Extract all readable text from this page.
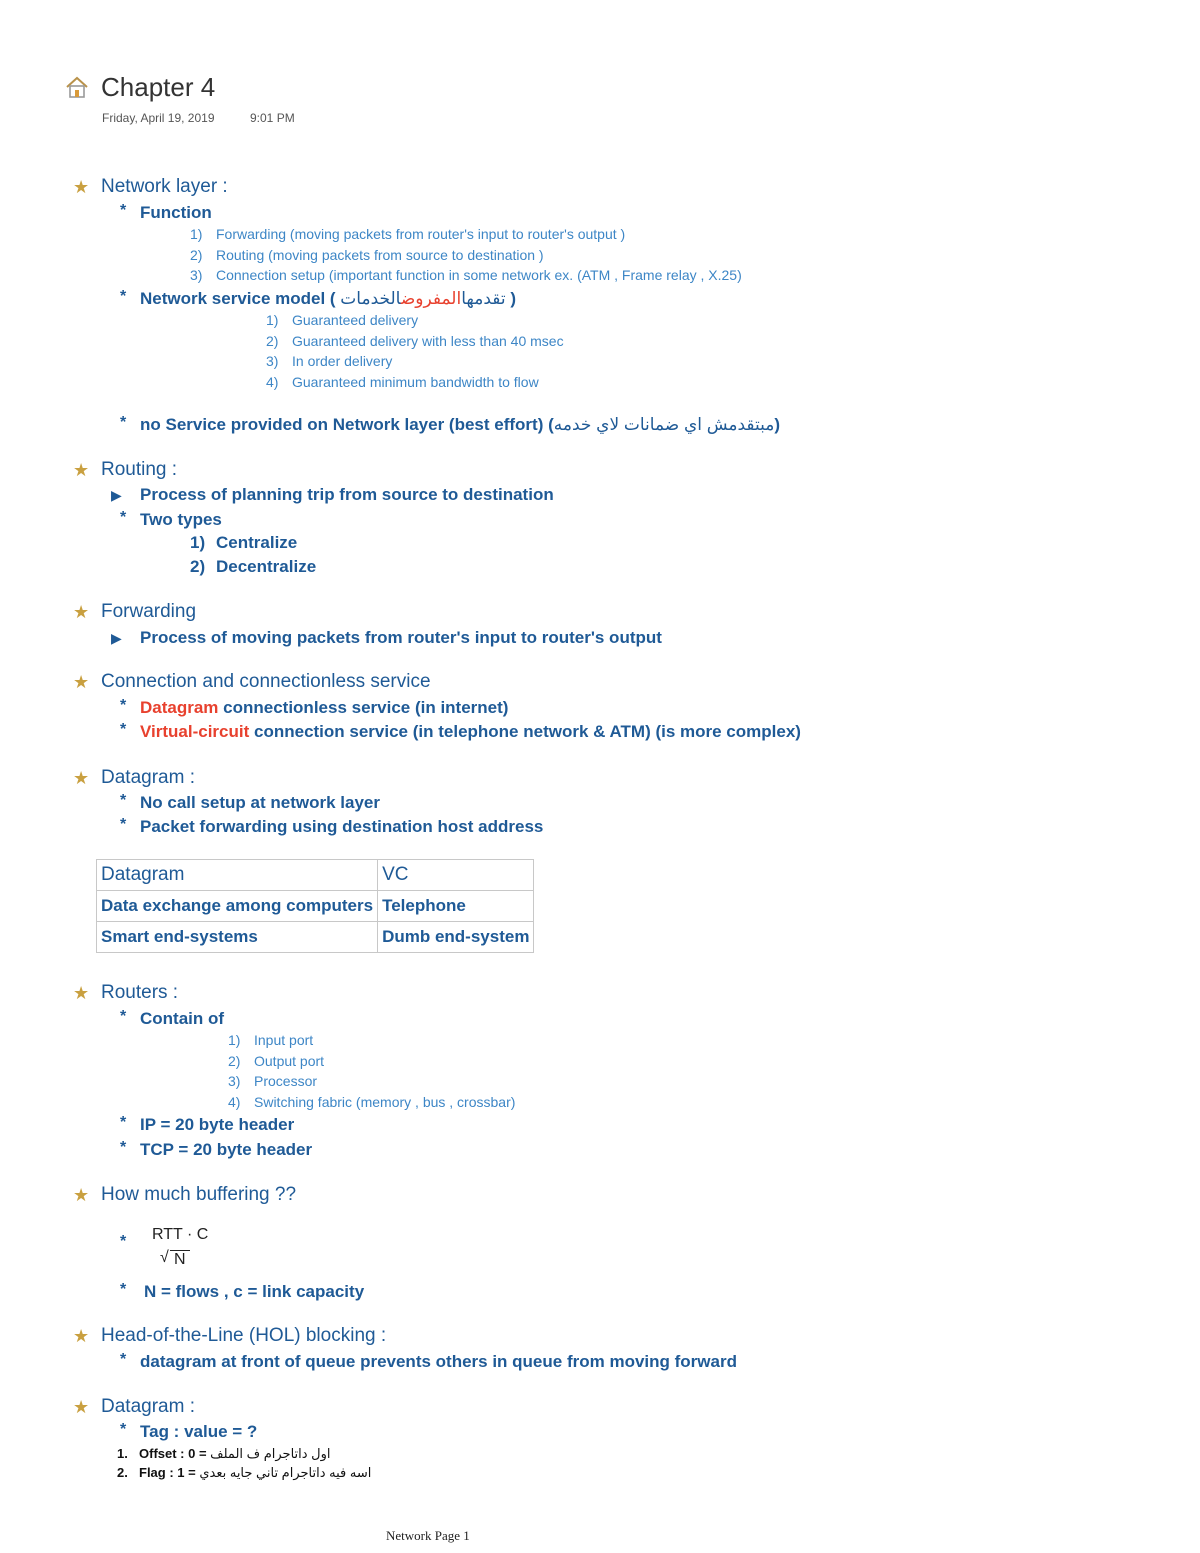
Chapter 4
Friday, April 19, 2019	9:01 PM
★ Network layer :
* Function
1) Forwarding (moving packets from router's input to router's output )
2) Routing (moving packets from source to destination )
3) Connection setup (important function in some network ex. (ATM , Frame relay , X.25)
* Network service model (	تقدمهاالمفروضالخدمات	)
1) Guaranteed delivery
2) Guaranteed delivery with less than 40 msec
3) In order delivery
4) Guaranteed minimum bandwidth to flow
* no Service provided on Network layer (best effort) (مبتقدمش اي ضمانات لاي خدمه)
★ Routing :
▶ Process of planning trip from source to destination
* Two types
1) Centralize
2) Decentralize
★ Forwarding
▶ Process of moving packets from router's input to router's output
★ Connection and connectionless service
* Datagram connectionless service (in internet)
* Virtual-circuit connection service (in telephone network & ATM) (is more complex)
★ Datagram :
* No call setup at network layer
* Packet forwarding using destination host address
Datagram	VC
Data exchange among computers	Telephone
Smart end-systems	Dumb end-system
★ Routers :
* Contain of
1) Input port
2) Output port
3) Processor
4) Switching fabric (memory , bus , crossbar)
* IP = 20 byte header
* TCP = 20 byte header
★ How much buffering ??
* RTT · C
√ N
* N = flows , c = link capacity
★ Head-of-the-Line (HOL) blocking :
* datagram at front of queue prevents others in queue from moving forward
★ Datagram :
* Tag : value = ?
1. Offset : 0 = اول داتاجرام ف الملف
2. Flag : 1 = اسه فيه داتاجرام تاني جايه بعدي
Network Page 1
